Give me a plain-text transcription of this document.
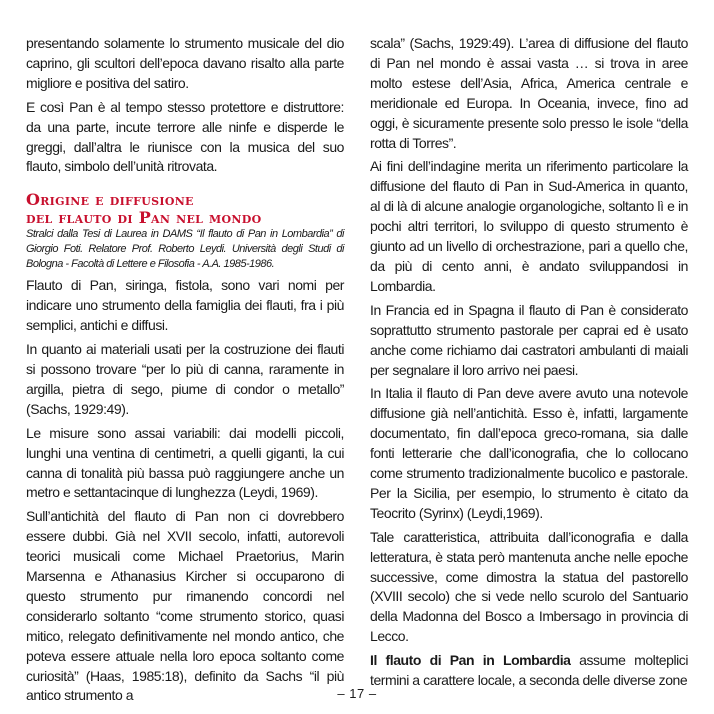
presentando solamente lo strumento musicale del dio caprino, gli scultori dell’epoca davano risalto alla parte migliore e positiva del satiro.

E così Pan è al tempo stesso protettore e distruttore: da una parte, incute terrore alle ninfe e disperde le greggi, dall’altra le riunisce con la musica del suo flauto, simbolo dell’unità ritrovata.

Origine e diffusione
del flauto di Pan nel mondo

Stralci dalla Tesi di Laurea in DAMS “Il flauto di Pan in Lombardia” di Giorgio Foti. Relatore Prof. Roberto Leydi. Università degli Studi di Bologna - Facoltà di Lettere e Filosofia - A.A. 1985-1986.

Flauto di Pan, siringa, fistola, sono vari nomi per indicare uno strumento della famiglia dei flauti, fra i più semplici, antichi e diffusi.

In quanto ai materiali usati per la costruzione dei flauti si possono trovare “per lo più di canna, raramente in argilla, pietra di sego, piume di condor o metallo” (Sachs, 1929:49).

Le misure sono assai variabili: dai modelli piccoli, lunghi una ventina di centimetri, a quelli giganti, la cui canna di tonalità più bassa può raggiungere anche un metro e settantacinque di lunghezza (Leydi, 1969).

Sull’antichità del flauto di Pan non ci dovrebbero essere dubbi. Già nel XVII secolo, infatti, autorevoli teorici musicali come Michael Praetorius, Marin Marsenna e Athanasius Kircher si occuparono di questo strumento pur rimanendo concordi nel considerarlo soltanto “come strumento storico, quasi mitico, relegato definitivamente nel mondo antico, che poteva essere attuale nella loro epoca soltanto come curiosità” (Haas, 1985:18), definito da Sachs “il più antico strumento a

scala” (Sachs, 1929:49). L’area di diffusione del flauto di Pan nel mondo è assai vasta … si trova in aree molto estese dell’Asia, Africa, America centrale e meridionale ed Europa. In Oceania, invece, fino ad oggi, è sicuramente presente solo presso le isole “della rotta di Torres”.

Ai fini dell’indagine merita un riferimento particolare la diffusione del flauto di Pan in Sud-America in quanto, al di là di alcune analogie organologiche, soltanto lì e in pochi altri territori, lo sviluppo di questo strumento è giunto ad un livello di orchestrazione, pari a quello che, da più di cento anni, è andato sviluppandosi in Lombardia.

In Francia ed in Spagna il flauto di Pan è considerato soprattutto strumento pastorale per caprai ed è usato anche come richiamo dai castratori ambulanti di maiali per segnalare il loro arrivo nei paesi.

In Italia il flauto di Pan deve avere avuto una notevole diffusione già nell’antichità. Esso è, infatti, largamente documentato, fin dall’epoca greco-romana, sia dalle fonti letterarie che dall’iconografia, che lo collocano come strumento tradizionalmente bucolico e pastorale. Per la Sicilia, per esempio, lo strumento è citato da Teocrito (Syrinx) (Leydi,1969).

Tale caratteristica, attribuita dall’iconografia e dalla letteratura, è stata però mantenuta anche nelle epoche successive, come dimostra la statua del pastorello (XVIII secolo) che si vede nello scurolo del Santuario della Madonna del Bosco a Imbersago in provincia di Lecco.

Il flauto di Pan in Lombardia assume molteplici termini a carattere locale, a seconda delle diverse zone

– 17 –
